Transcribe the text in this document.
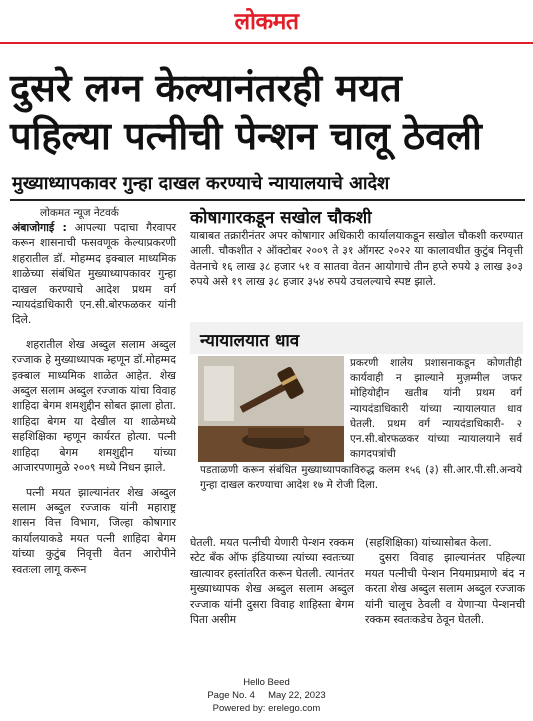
लोकमत
दुसरे लग्न केल्यानंतरही मयत
पहिल्या पत्नीची पेन्शन चालू ठेवली
मुख्याध्यापकावर गुन्हा दाखल करण्याचे न्यायालयाचे आदेश
लोकमत न्यूज नेटवर्क

अंबाजोगाई : आपल्या पदाचा गैरवापर करून शासनाची फसवणूक केल्याप्रकरणी शहरातील डॉ. मोहम्मद इक्बाल माध्यमिक शाळेच्या संबंधित मुख्याध्यापकावर गुन्हा दाखल करण्याचे आदेश प्रथम वर्ग न्यायदंडाधिकारी एन.सी.बोरफळकर यांनी दिले.

शहरातील शेख अब्दुल सलाम अब्दुल रज्जाक हे मुख्याध्यापक म्हणून डॉ.मोहम्मद इक्बाल माध्यमिक शाळेत आहेत. शेख अब्दुल सलाम अब्दुल रज्जाक यांचा विवाह शाहिदा बेगम शमशुद्दीन सोबत झाला होता. शाहिदा बेगम या देखील या शाळेमध्ये सहशिक्षिका म्हणून कार्यरत होत्या. पत्नी शाहिदा बेगम शमशुद्दीन यांच्या आजारपणामुळे २००९ मध्ये निधन झाले.

पत्नी मयत झाल्यानंतर शेख अब्दुल सलाम अब्दुल रज्जाक यांनी महाराष्ट्र शासन वित्त विभाग, जिल्हा कोषागार कार्यालयाकडे मयत पत्नी शाहिदा बेगम यांच्या कुटुंब निवृत्ती वेतन आरोपीने स्वतःला लागू करून

कोषागारकडून सखोल चौकशी
याबाबत तक्रारीनंतर अपर कोषागार अधिकारी कार्यालयाकडून सखोल चौकशी करण्यात आली. चौकशीत २ ऑक्टोबर २००९ ते ३१ ऑगस्ट २०२२ या कालावधीत कुटुंब निवृत्ती वेतनाचे १६ लाख ३८ हजार ५१ व सातवा वेतन आयोगाचे तीन हप्ते रुपये ३ लाख ३०३ रुपये असे १९ लाख ३८ हजार ३५४ रुपये उचलल्याचे स्पष्ट झाले.
न्यायालयात धाव
प्रकरणी शालेय प्रशासनाकडून कोणतीही कार्यवाही न झाल्याने मुज़म्मील जफर मोहियोद्दीन खतीब यांनी प्रथम वर्ग न्यायदंडाधिकारी यांच्या न्यायालयात धाव घेतली. प्रथम वर्ग न्यायदंडाधिकारी- २ एन.सी.बोरफळकर यांच्या न्यायालयाने सर्व कागदपत्रांची
पडताळणी करून संबंधित मुख्याध्यापकाविरुद्ध कलम १५६ (३) सी.आर.पी.सी.अन्वये गुन्हा दाखल करण्याचा आदेश १७ मे रोजी दिला.
घेतली. मयत पत्नीची येणारी पेन्शन रक्कम स्टेट बँक ऑफ इंडियाच्या त्यांच्या स्वतःच्या खात्यावर हस्तांतरित करून घेतली. त्यानंतर मुख्याध्यापक शेख अब्दुल सलाम अब्दुल रज्जाक यांनी दुसरा विवाह शाहिस्ता बेगम पिता असीम

(सहशिक्षिका) यांच्यासोबत केला.

दुसरा विवाह झाल्यानंतर पहिल्या मयत पत्नीची पेन्शन नियमाप्रमाणे बंद न करता शेख अब्दुल सलाम अब्दुल रज्जाक यांनी चालूच ठेवली व येणाऱ्या पेन्शनची रक्कम स्वतःकडेच ठेवून घेतली.

Hello Beed
Page No. 4     May 22, 2023
Powered by: erelego.com
